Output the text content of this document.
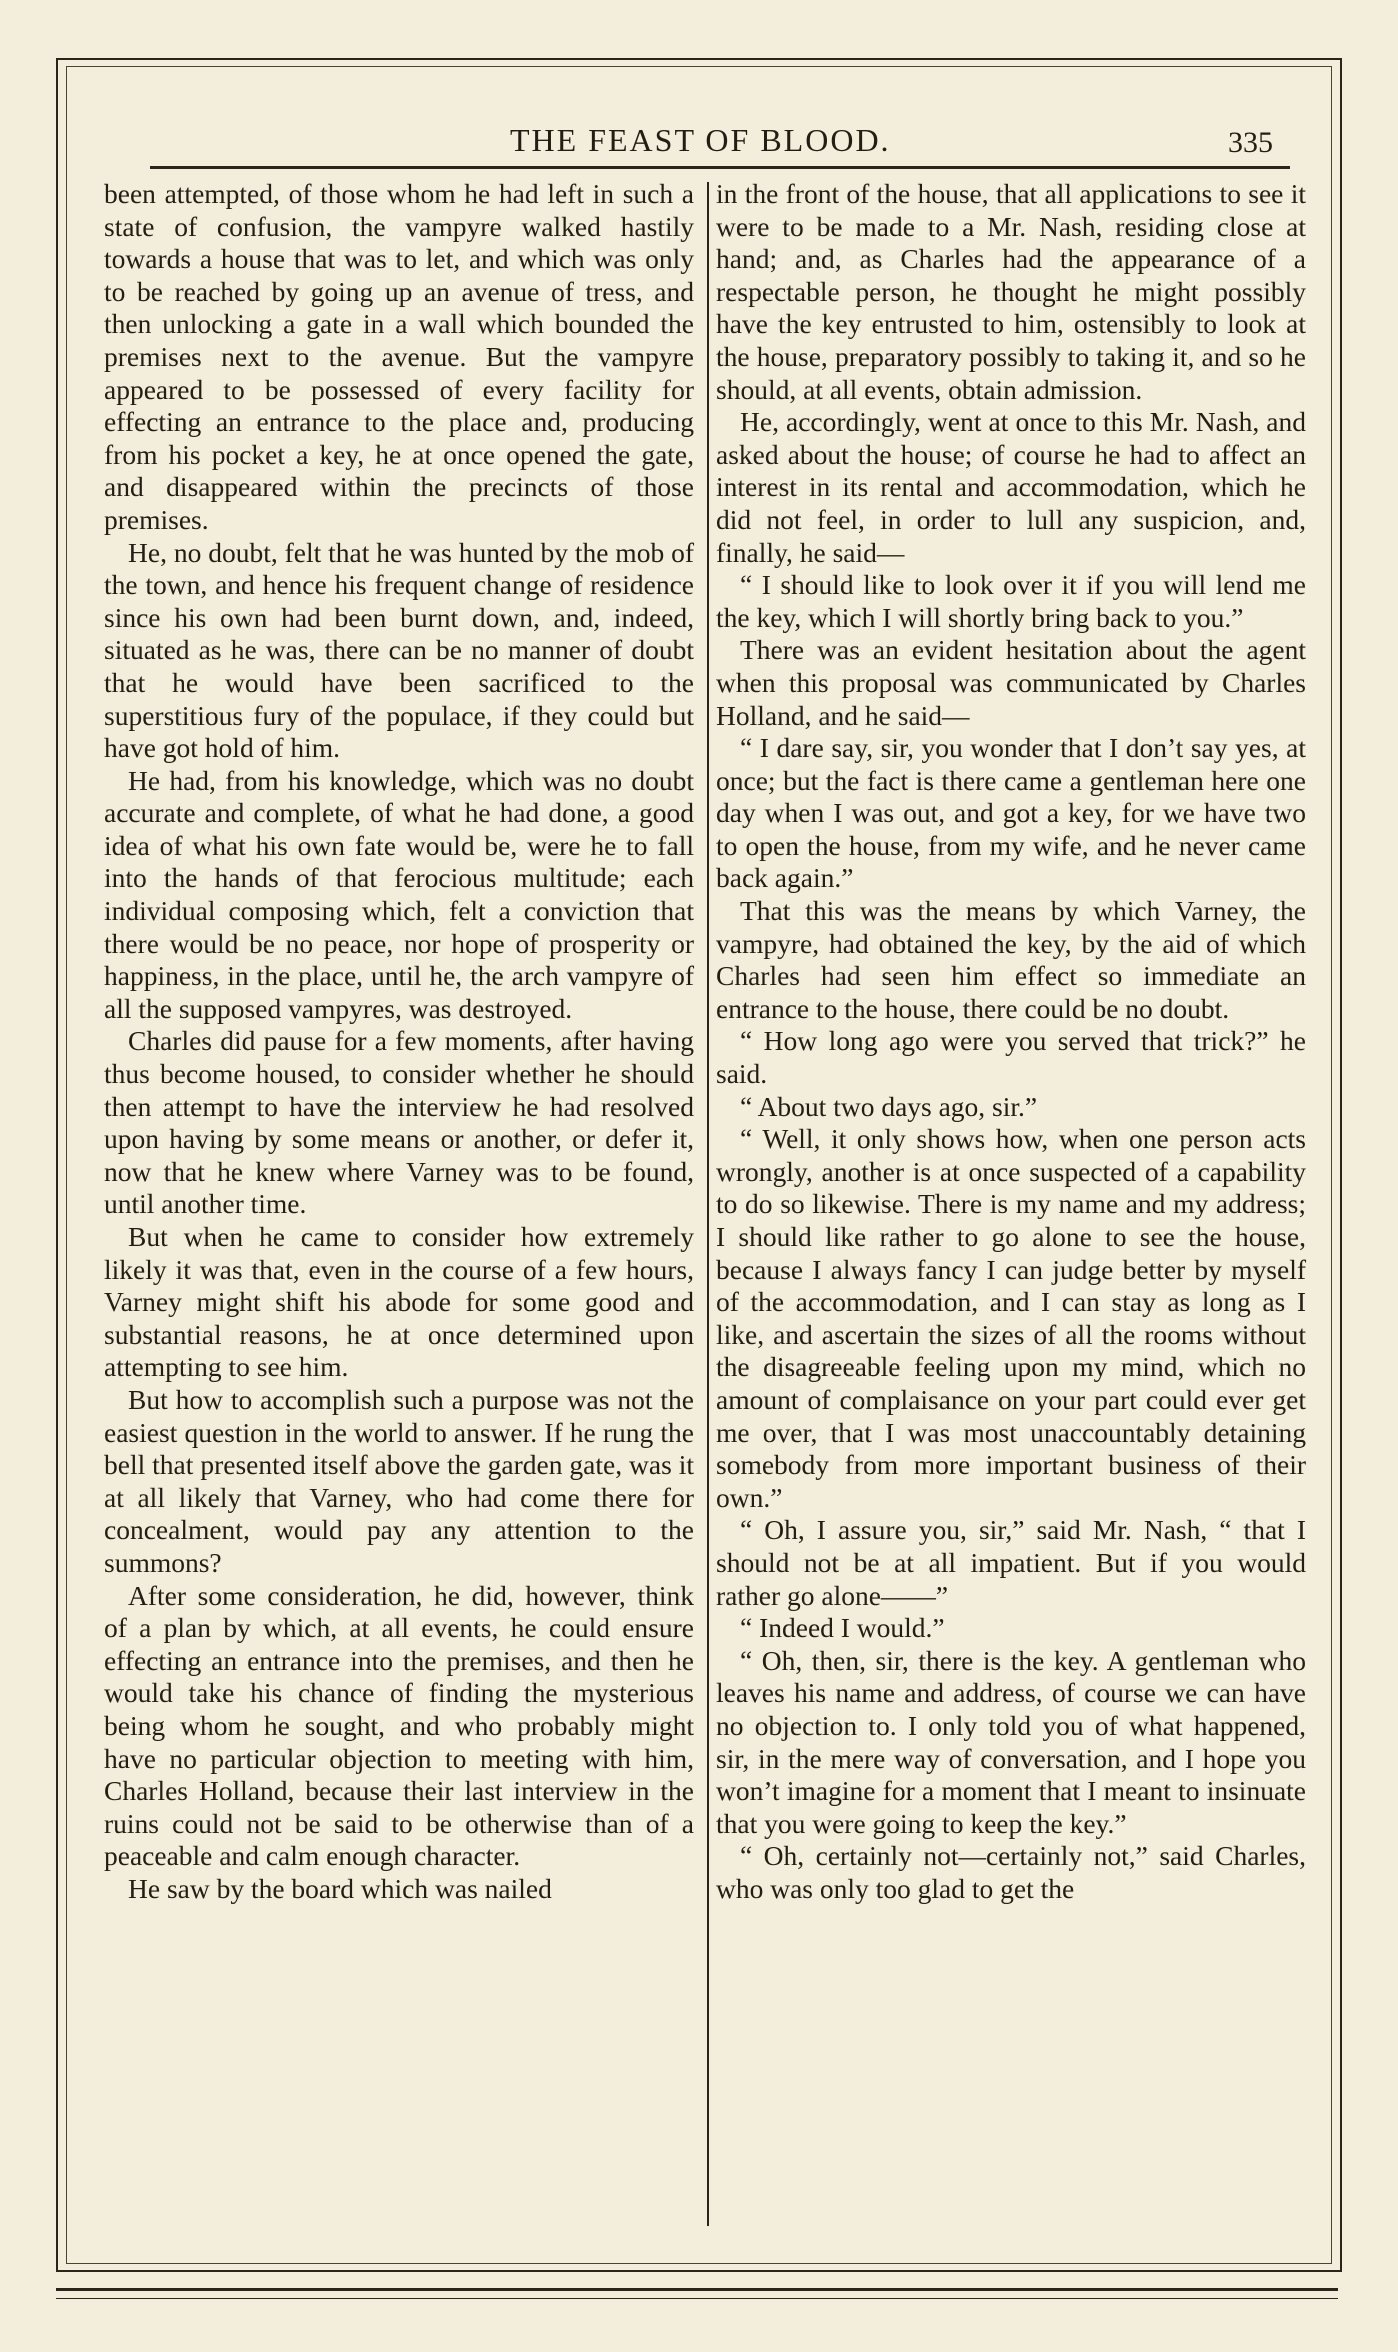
THE FEAST OF BLOOD.	335

been attempted, of those whom he had left in such a state of confusion, the vampyre walked hastily towards a house that was to let, and which was only to be reached by going up an avenue of tress, and then unlocking a gate in a wall which bounded the premises next to the avenue. But the vampyre appeared to be possessed of every facility for effecting an entrance to the place and, producing from his pocket a key, he at once opened the gate, and disappeared within the precincts of those premises.

He, no doubt, felt that he was hunted by the mob of the town, and hence his frequent change of residence since his own had been burnt down, and, indeed, situated as he was, there can be no manner of doubt that he would have been sacrificed to the superstitious fury of the populace, if they could but have got hold of him.

He had, from his knowledge, which was no doubt accurate and complete, of what he had done, a good idea of what his own fate would be, were he to fall into the hands of that ferocious multitude; each individual composing which, felt a conviction that there would be no peace, nor hope of prosperity or happiness, in the place, until he, the arch vampyre of all the supposed vampyres, was destroyed.

Charles did pause for a few moments, after having thus become housed, to consider whether he should then attempt to have the interview he had resolved upon having by some means or another, or defer it, now that he knew where Varney was to be found, until another time.

But when he came to consider how extremely likely it was that, even in the course of a few hours, Varney might shift his abode for some good and substantial reasons, he at once determined upon attempting to see him.

But how to accomplish such a purpose was not the easiest question in the world to answer. If he rung the bell that presented itself above the garden gate, was it at all likely that Varney, who had come there for concealment, would pay any attention to the summons?

After some consideration, he did, however, think of a plan by which, at all events, he could ensure effecting an entrance into the premises, and then he would take his chance of finding the mysterious being whom he sought, and who probably might have no particular objection to meeting with him, Charles Holland, because their last interview in the ruins could not be said to be otherwise than of a peaceable and calm enough character.

He saw by the board which was nailed

in the front of the house, that all applications to see it were to be made to a Mr. Nash, residing close at hand; and, as Charles had the appearance of a respectable person, he thought he might possibly have the key entrusted to him, ostensibly to look at the house, preparatory possibly to taking it, and so he should, at all events, obtain admission.

He, accordingly, went at once to this Mr. Nash, and asked about the house; of course he had to affect an interest in its rental and accommodation, which he did not feel, in order to lull any suspicion, and, finally, he said—

“ I should like to look over it if you will lend me the key, which I will shortly bring back to you.”

There was an evident hesitation about the agent when this proposal was communicated by Charles Holland, and he said—

“ I dare say, sir, you wonder that I don’t say yes, at once; but the fact is there came a gentleman here one day when I was out, and got a key, for we have two to open the house, from my wife, and he never came back again.”

That this was the means by which Varney, the vampyre, had obtained the key, by the aid of which Charles had seen him effect so immediate an entrance to the house, there could be no doubt.

“ How long ago were you served that trick?” he said.

“ About two days ago, sir.”

“ Well, it only shows how, when one person acts wrongly, another is at once suspected of a capability to do so likewise. There is my name and my address; I should like rather to go alone to see the house, because I always fancy I can judge better by myself of the accommodation, and I can stay as long as I like, and ascertain the sizes of all the rooms without the disagreeable feeling upon my mind, which no amount of complaisance on your part could ever get me over, that I was most unaccountably detaining somebody from more important business of their own.”

“ Oh, I assure you, sir,” said Mr. Nash, “ that I should not be at all impatient. But if you would rather go alone——”

“ Indeed I would.”

“ Oh, then, sir, there is the key. A gentleman who leaves his name and address, of course we can have no objection to. I only told you of what happened, sir, in the mere way of conversation, and I hope you won’t imagine for a moment that I meant to insinuate that you were going to keep the key.”

“ Oh, certainly not—certainly not,” said Charles, who was only too glad to get the
